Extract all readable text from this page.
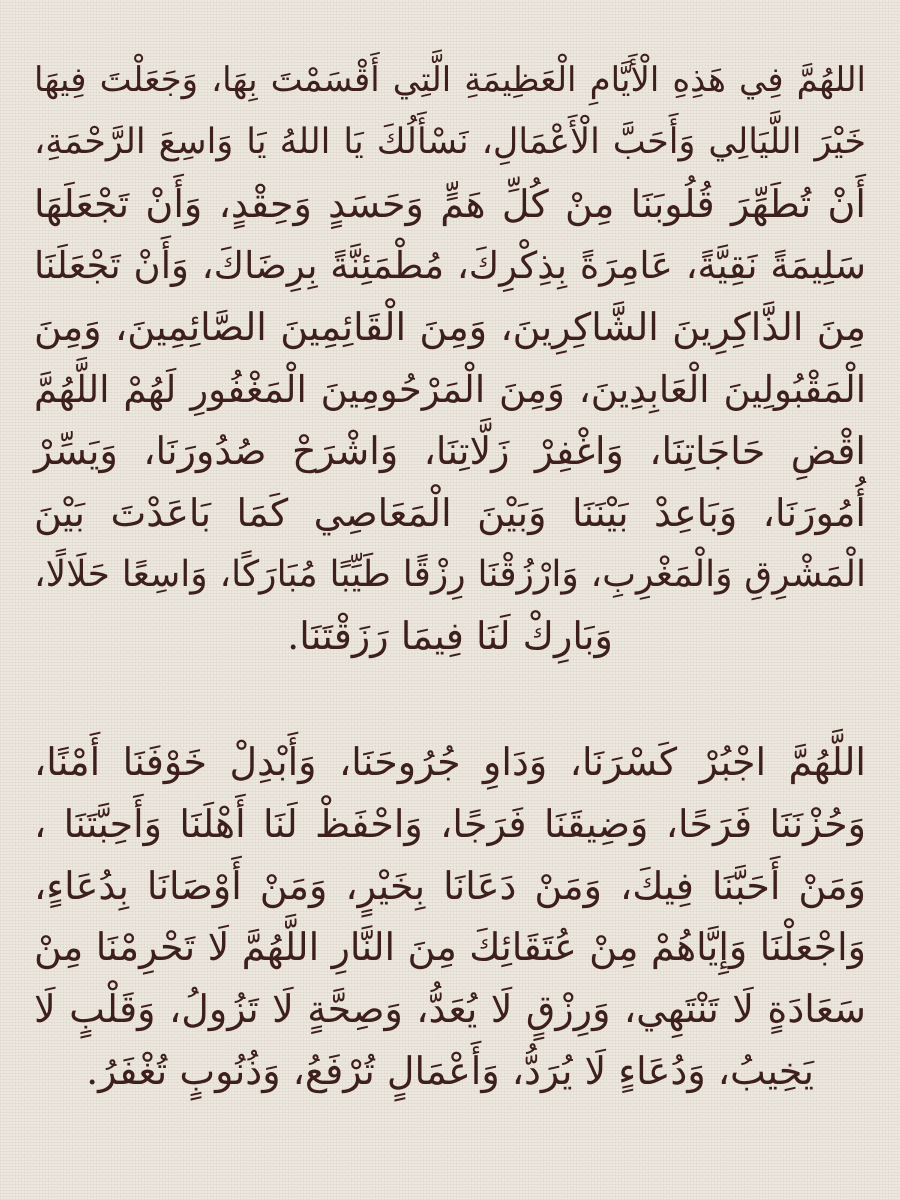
اللهُمَّ فِي هَذِهِ الْأَيَّامِ الْعَظِيمَةِ الَّتِي أَقْسَمْتَ بِهَا، وَجَعَلْتَ فِيهَا
خَيْرَ اللَّيَالِي وَأَحَبَّ الْأَعْمَالِ، نَسْأَلُكَ يَا اللهُ يَا وَاسِعَ الرَّحْمَةِ،
أَنْ تُطَهِّرَ قُلُوبَنَا مِنْ كُلِّ هَمٍّ وَحَسَدٍ وَحِقْدٍ، وَأَنْ تَجْعَلَهَا
سَلِيمَةً نَقِيَّةً، عَامِرَةً بِذِكْرِكَ، مُطْمَئِنَّةً بِرِضَاكَ، وَأَنْ تَجْعَلَنَا
مِنَ الذَّاكِرِينَ الشَّاكِرِينَ، وَمِنَ الْقَائِمِينَ الصَّائِمِينَ، وَمِنَ
الْمَقْبُولِينَ الْعَابِدِينَ، وَمِنَ الْمَرْحُومِينَ الْمَغْفُورِ لَهُمْ اللَّهُمَّ
اقْضِ حَاجَاتِنَا، وَاغْفِرْ زَلَّاتِنَا، وَاشْرَحْ صُدُورَنَا، وَيَسِّرْ
أُمُورَنَا، وَبَاعِدْ بَيْنَنَا وَبَيْنَ الْمَعَاصِي كَمَا بَاعَدْتَ بَيْنَ
الْمَشْرِقِ وَالْمَغْرِبِ، وَارْزُقْنَا رِزْقًا طَيِّبًا مُبَارَكًا، وَاسِعًا حَلَالًا،
وَبَارِكْ لَنَا فِيمَا رَزَقْتَنَا.
اللَّهُمَّ اجْبُرْ كَسْرَنَا، وَدَاوِ جُرُوحَنَا، وَأَبْدِلْ خَوْفَنَا أَمْنًا،
وَحُزْنَنَا فَرَحًا، وَضِيقَنَا فَرَجًا، وَاحْفَظْ لَنَا أَهْلَنَا وَأَحِبَّتَنَا ،
وَمَنْ أَحَبَّنَا فِيكَ، وَمَنْ دَعَانَا بِخَيْرٍ، وَمَنْ أَوْصَانَا بِدُعَاءٍ،
وَاجْعَلْنَا وَإِيَّاهُمْ مِنْ عُتَقَائِكَ مِنَ النَّارِ اللَّهُمَّ لَا تَحْرِمْنَا مِنْ
سَعَادَةٍ لَا تَنْتَهِي، وَرِزْقٍ لَا يُعَدُّ، وَصِحَّةٍ لَا تَزُولُ، وَقَلْبٍ لَا
يَخِيبُ، وَدُعَاءٍ لَا يُرَدُّ، وَأَعْمَالٍ تُرْفَعُ، وَذُنُوبٍ تُغْفَرُ.
